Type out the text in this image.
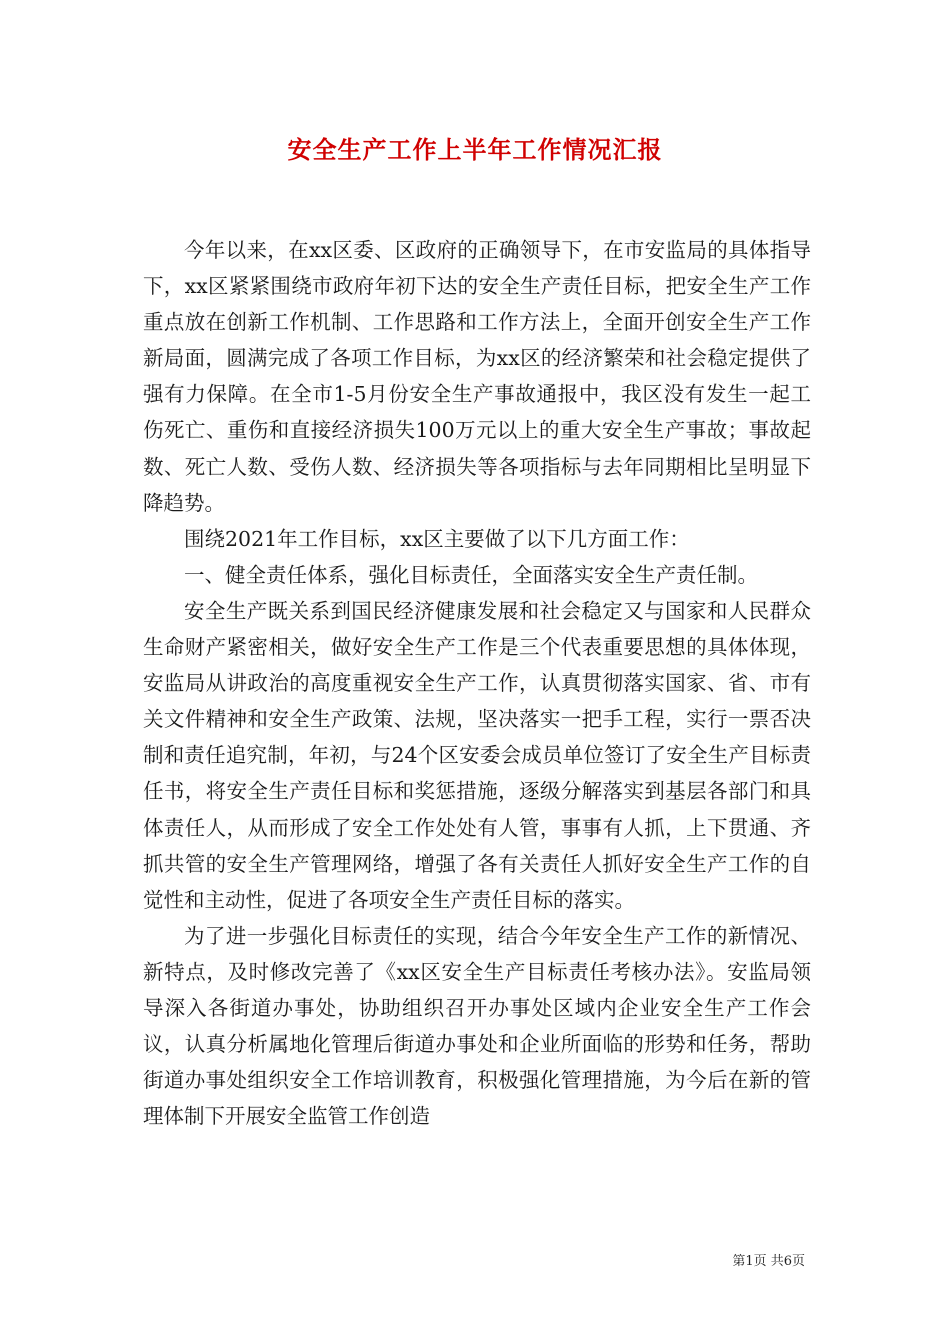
安全生产工作上半年工作情况汇报

今年以来，在xx区委、区政府的正确领导下，在市安监局的具体指导下，xx区紧紧围绕市政府年初下达的安全生产责任目标，把安全生产工作重点放在创新工作机制、工作思路和工作方法上，全面开创安全生产工作新局面，圆满完成了各项工作目标，为xx区的经济繁荣和社会稳定提供了强有力保障。在全市1-5月份安全生产事故通报中，我区没有发生一起工伤死亡、重伤和直接经济损失100万元以上的重大安全生产事故；事故起数、死亡人数、受伤人数、经济损失等各项指标与去年同期相比呈明显下降趋势。

围绕2021年工作目标，xx区主要做了以下几方面工作：

一、健全责任体系，强化目标责任，全面落实安全生产责任制。

安全生产既关系到国民经济健康发展和社会稳定又与国家和人民群众生命财产紧密相关，做好安全生产工作是三个代表重要思想的具体体现，安监局从讲政治的高度重视安全生产工作，认真贯彻落实国家、省、市有关文件精神和安全生产政策、法规，坚决落实一把手工程，实行一票否决制和责任追究制，年初，与24个区安委会成员单位签订了安全生产目标责任书，将安全生产责任目标和奖惩措施，逐级分解落实到基层各部门和具体责任人，从而形成了安全工作处处有人管，事事有人抓，上下贯通、齐抓共管的安全生产管理网络，增强了各有关责任人抓好安全生产工作的自觉性和主动性，促进了各项安全生产责任目标的落实。

为了进一步强化目标责任的实现，结合今年安全生产工作的新情况、新特点，及时修改完善了《xx区安全生产目标责任考核办法》。安监局领导深入各街道办事处，协助组织召开办事处区域内企业安全生产工作会议，认真分析属地化管理后街道办事处和企业所面临的形势和任务，帮助街道办事处组织安全工作培训教育，积极强化管理措施，为今后在新的管理体制下开展安全监管工作创造

第1页 共6页
